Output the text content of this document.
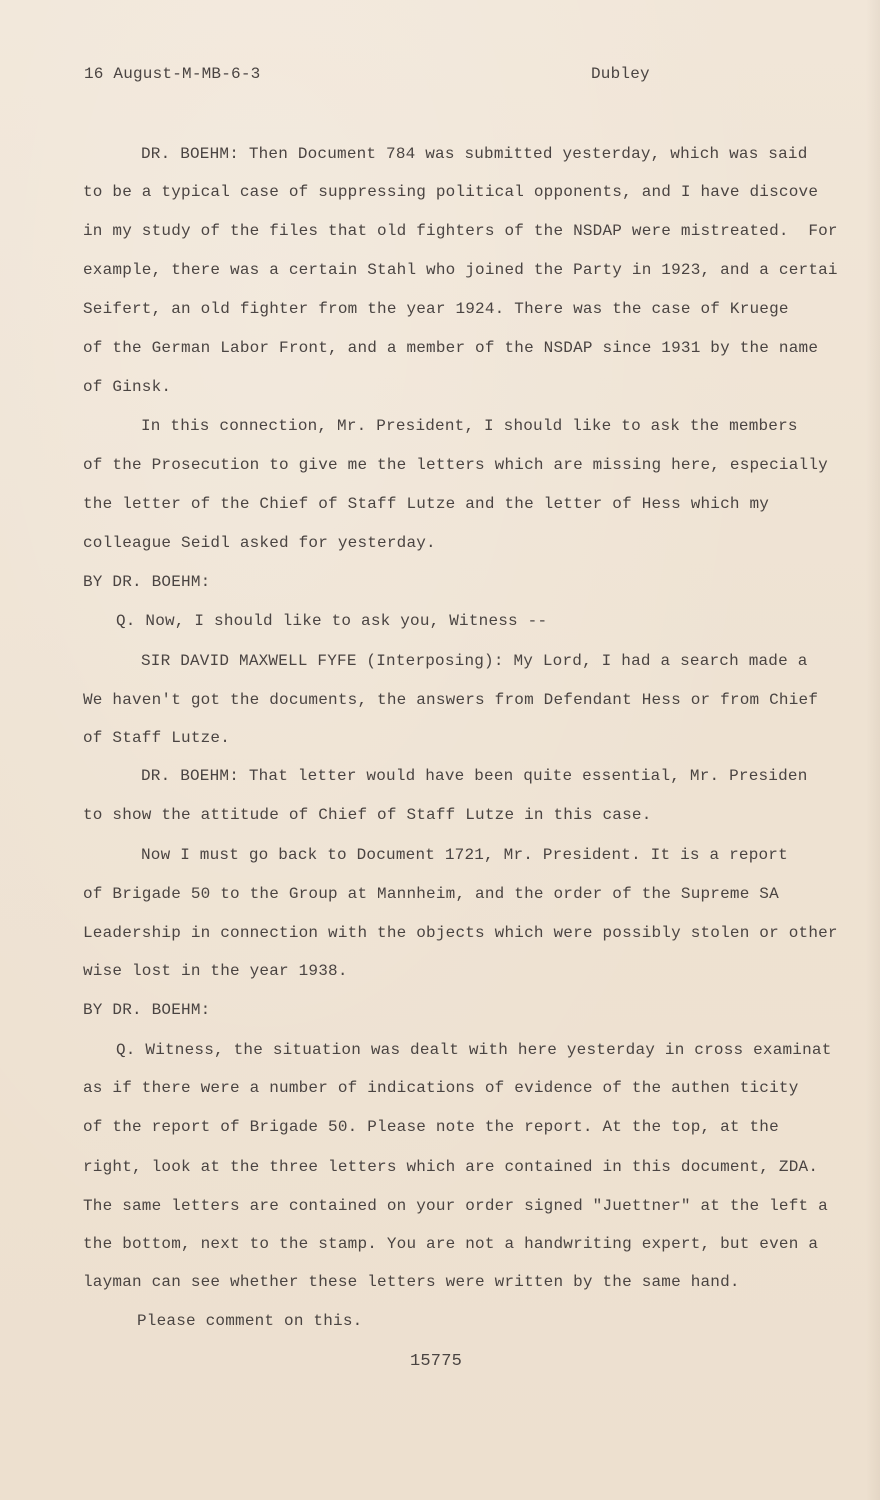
16 August-M-MB-6-3	Dubley
DR. BOEHM: Then Document 784 was submitted yesterday, which was said
to be a typical case of suppressing political opponents, and I have discove
in my study of the files that old fighters of the NSDAP were mistreated.  For
example, there was a certain Stahl who joined the Party in 1923, and a certai
Seifert, an old fighter from the year 1924. There was the case of Kruege
of the German Labor Front, and a member of the NSDAP since 1931 by the name
of Ginsk.
In this connection, Mr. President, I should like to ask the members
of the Prosecution to give me the letters which are missing here, especially
the letter of the Chief of Staff Lutze and the letter of Hess which my
colleague Seidl asked for yesterday.
BY DR. BOEHM:
Q. Now, I should like to ask you, Witness --
SIR DAVID MAXWELL FYFE (Interposing): My Lord, I had a search made a
We haven't got the documents, the answers from Defendant Hess or from Chief
of Staff Lutze.
DR. BOEHM: That letter would have been quite essential, Mr. Presiden
to show the attitude of Chief of Staff Lutze in this case.
Now I must go back to Document 1721, Mr. President. It is a report
of Brigade 50 to the Group at Mannheim, and the order of the Supreme SA
Leadership in connection with the objects which were possibly stolen or other
wise lost in the year 1938.
BY DR. BOEHM:
Q. Witness, the situation was dealt with here yesterday in cross examinat
as if there were a number of indications of evidence of the authen ticity
of the report of Brigade 50. Please note the report. At the top, at the
right, look at the three letters which are contained in this document, ZDA.
The same letters are contained on your order signed "Juettner" at the left a
the bottom, next to the stamp. You are not a handwriting expert, but even a
layman can see whether these letters were written by the same hand.
Please comment on this.
15775
